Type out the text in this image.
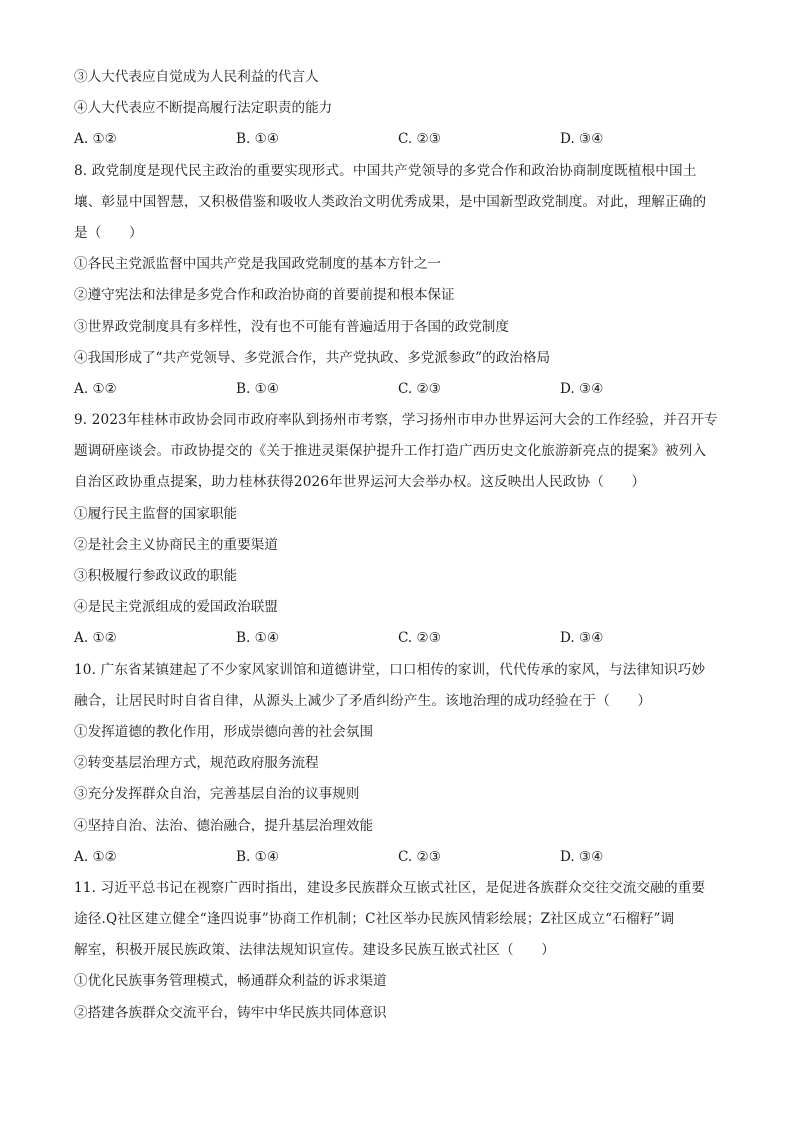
③人大代表应自觉成为人民利益的代言人
④人大代表应不断提高履行法定职责的能力
A. ①②	B. ①④	C. ②③	D. ③④
8. 政党制度是现代民主政治的重要实现形式。中国共产党领导的多党合作和政治协商制度既植根中国土
壤、彰显中国智慧，又积极借鉴和吸收人类政治文明优秀成果，是中国新型政党制度。对此，理解正确的
是（　　）
①各民主党派监督中国共产党是我国政党制度的基本方针之一
②遵守宪法和法律是多党合作和政治协商的首要前提和根本保证
③世界政党制度具有多样性，没有也不可能有普遍适用于各国的政党制度
④我国形成了“共产党领导、多党派合作，共产党执政、多党派参政”的政治格局
A. ①②	B. ①④	C. ②③	D. ③④
9. 2023年桂林市政协会同市政府率队到扬州市考察，学习扬州市申办世界运河大会的工作经验，并召开专
题调研座谈会。市政协提交的《关于推进灵渠保护提升工作打造广西历史文化旅游新亮点的提案》被列入
自治区政协重点提案，助力桂林获得2026年世界运河大会举办权。这反映出人民政协（　　）
①履行民主监督的国家职能
②是社会主义协商民主的重要渠道
③积极履行参政议政的职能
④是民主党派组成的爱国政治联盟
A. ①②	B. ①④	C. ②③	D. ③④
10. 广东省某镇建起了不少家风家训馆和道德讲堂，口口相传的家训，代代传承的家风，与法律知识巧妙
融合，让居民时时自省自律，从源头上减少了矛盾纠纷产生。该地治理的成功经验在于（　　）
①发挥道德的教化作用，形成崇德向善的社会氛围
②转变基层治理方式，规范政府服务流程
③充分发挥群众自治，完善基层自治的议事规则
④坚持自治、法治、德治融合，提升基层治理效能
A. ①②	B. ①④	C. ②③	D. ③④
11. 习近平总书记在视察广西时指出，建设多民族群众互嵌式社区，是促进各族群众交往交流交融的重要
途径.Q社区建立健全“逢四说事”协商工作机制；C社区举办民族风情彩绘展；Z社区成立“石榴籽”调
解室，积极开展民族政策、法律法规知识宣传。建设多民族互嵌式社区（　　）
①优化民族事务管理模式，畅通群众利益的诉求渠道
②搭建各族群众交流平台，铸牢中华民族共同体意识
